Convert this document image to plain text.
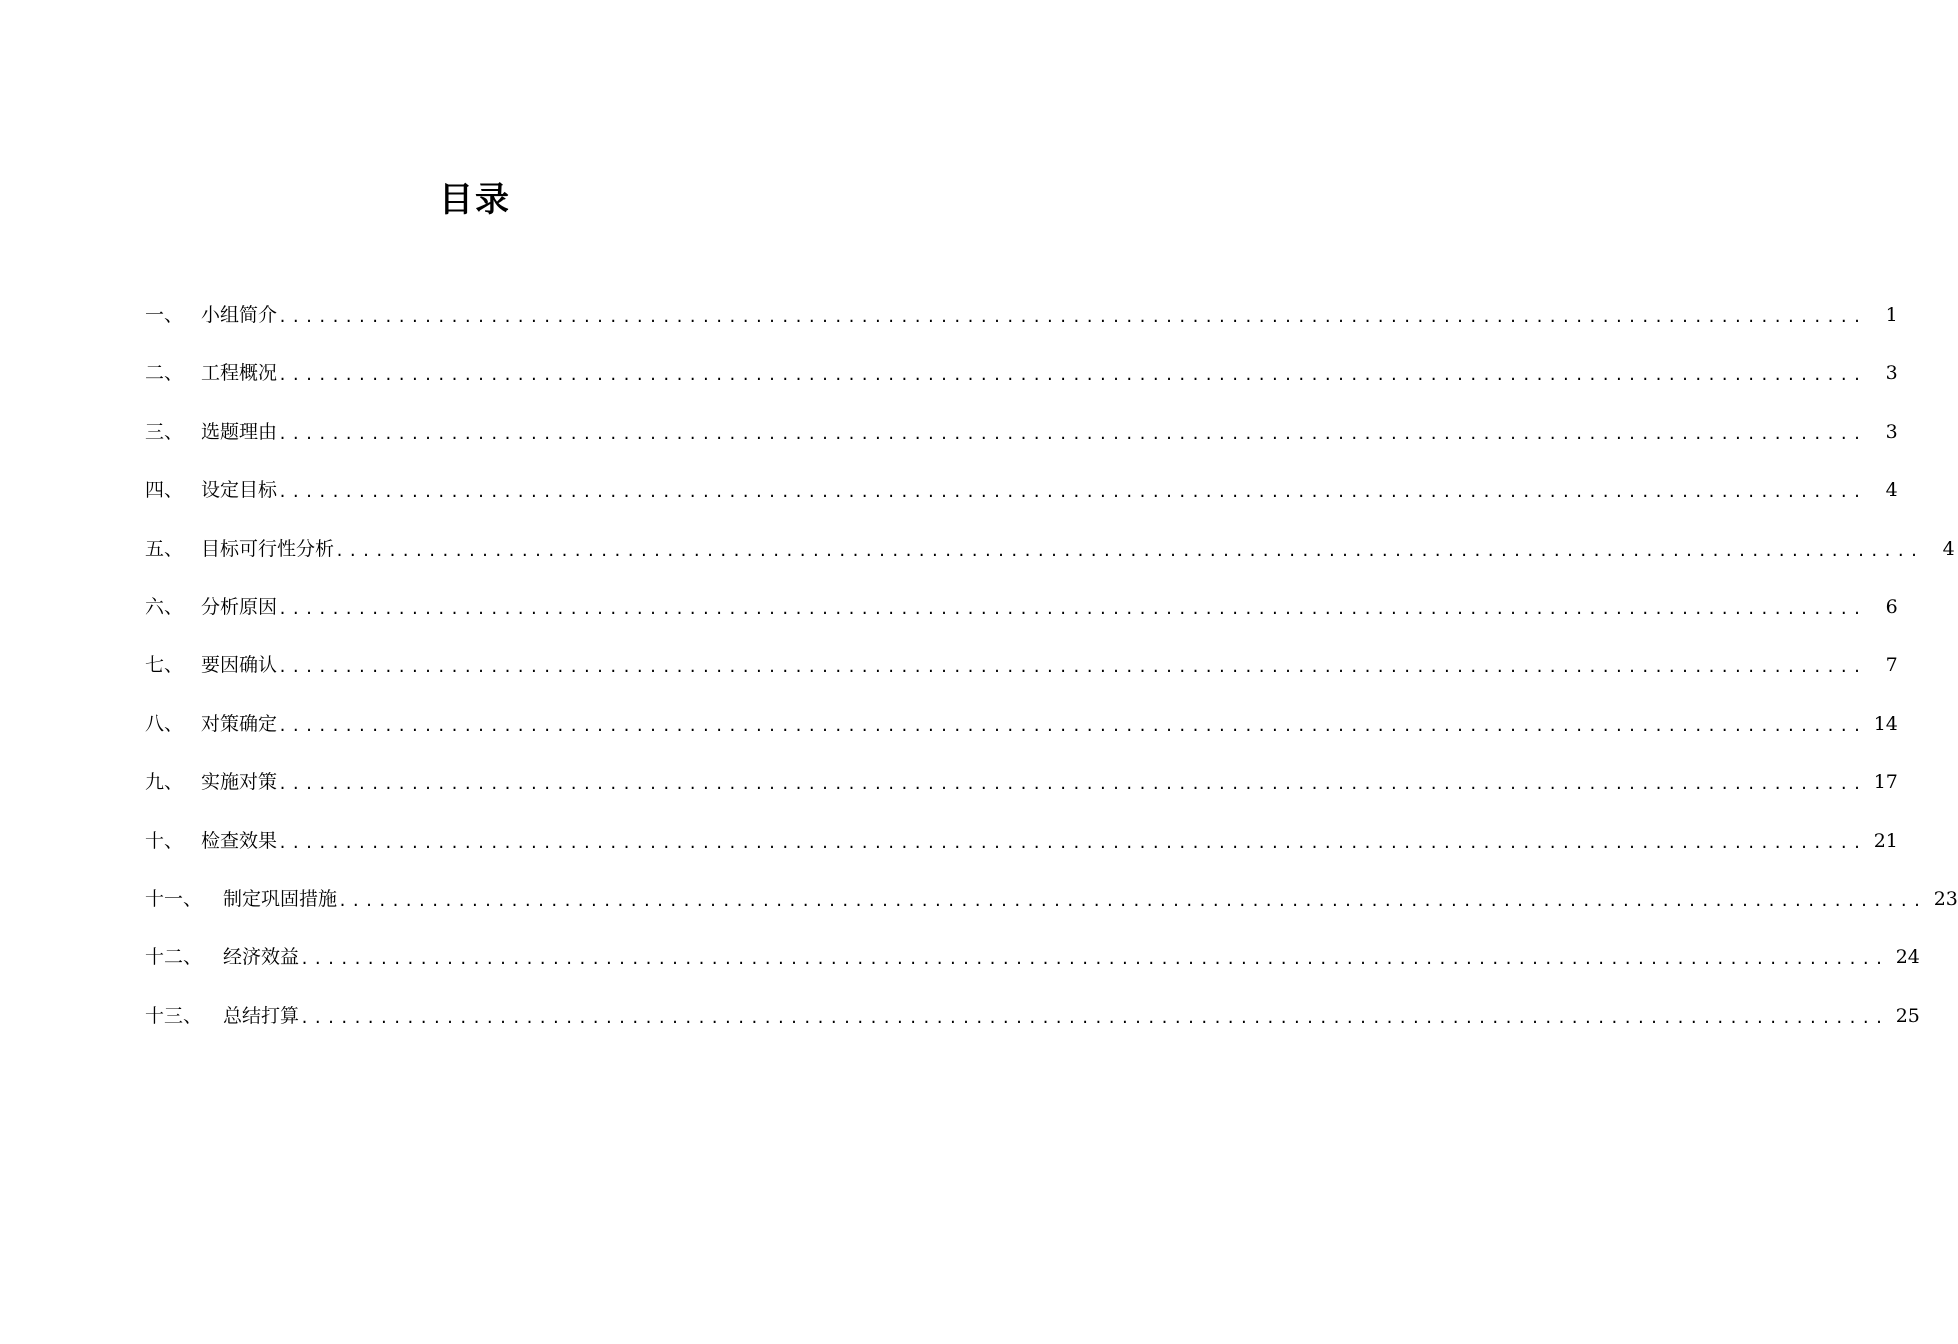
目录
一、 小组简介 ........................................................................................................................	1
二、 工程概况 ........................................................................................................................	3
三、 选题理由 ........................................................................................................................	3
四、 设定目标 ........................................................................................................................	4
五、 目标可行性分析 ........................................................................................................................	4
六、 分析原因 ........................................................................................................................	6
七、 要因确认 ........................................................................................................................	7
八、 对策确定 ........................................................................................................................ 14
九、 实施对策 ........................................................................................................................ 17
十、 检查效果 ........................................................................................................................ 21
十一、	制定巩固措施 ........................................................................................................................ 23
十二、	经济效益 ........................................................................................................................ 24
十三、	总结打算 ........................................................................................................................ 25
